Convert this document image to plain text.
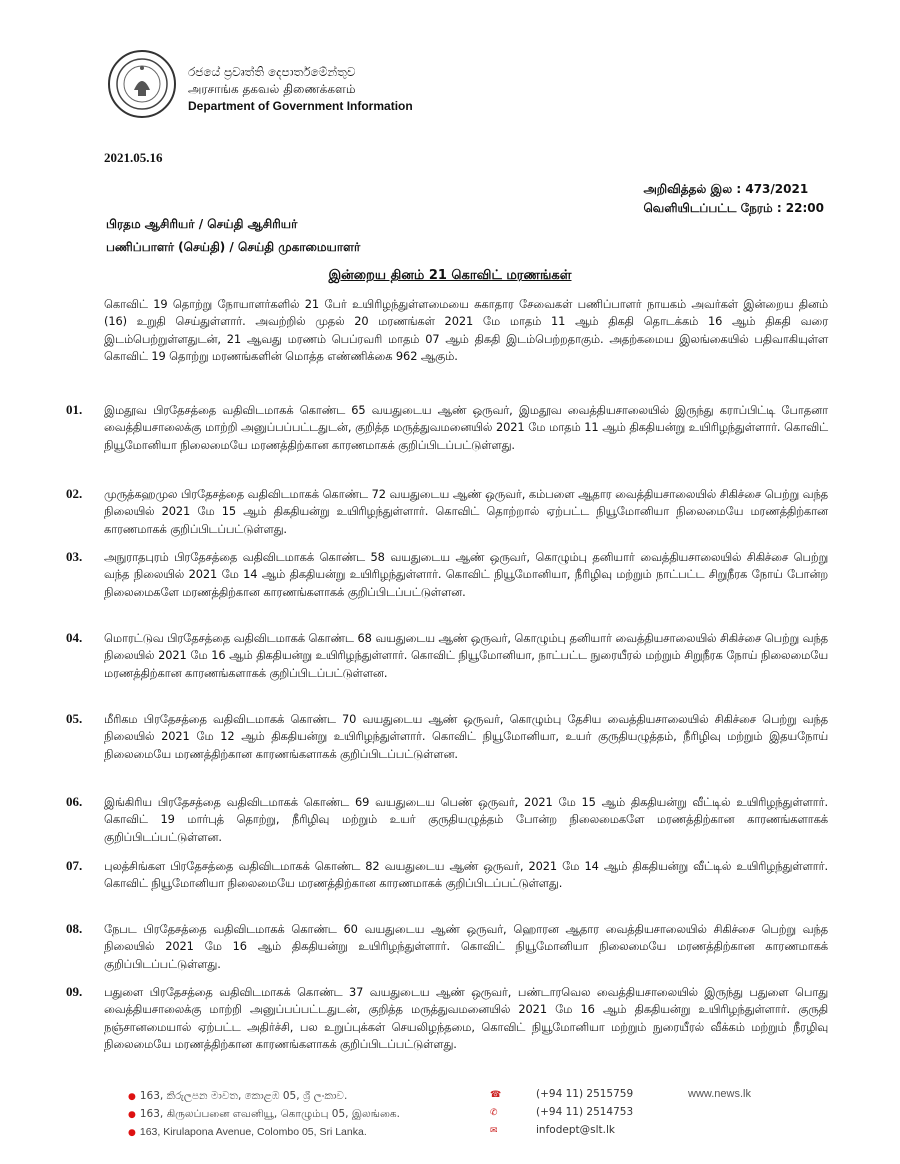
රජයේ ප්‍රවෘත්ති දෙපාර්තමේන්තුව
அரசாங்க தகவல் திணைக்களம்
Department of Government Information
2021.05.16
அறிவித்தல் இல : 473/2021
வெளியிடப்பட்ட நேரம் : 22:00
பிரதம ஆசிரியர் / செய்தி ஆசிரியர்
பணிப்பாளர் (செய்தி) / செய்தி முகாமையாளர்
இன்றைய தினம் 21 கொவிட் மரணங்கள்
கொவிட் 19 தொற்று நோயாளர்களில் 21 பேர் உயிரிழந்துள்ளமையை சுகாதார சேவைகள் பணிப்பாளர் நாயகம் அவர்கள் இன்றைய தினம் (16) உறுதி செய்துள்ளார். அவற்றில் முதல் 20 மரணங்கள் 2021 மே மாதம் 11 ஆம் திகதி தொடக்கம் 16 ஆம் திகதி வரை இடம்பெற்றுள்ளதுடன், 21 ஆவது மரணம் பெப்ரவரி மாதம் 07 ஆம் திகதி இடம்பெற்றதாகும். அதற்கமைய இலங்கையில் பதிவாகியுள்ள கொவிட் 19 தொற்று மரணங்களின் மொத்த எண்ணிக்கை 962 ஆகும்.
01. இமதூவ பிரதேசத்தை வதிவிடமாகக் கொண்ட 65 வயதுடைய ஆண் ஒருவர், இமதூவ வைத்தியசாலையில் இருந்து கராப்பிட்டி போதனா வைத்தியசாலைக்கு மாற்றி அனுப்பப்பட்டதுடன், குறித்த மருத்துவமனையில் 2021 மே மாதம் 11 ஆம் திகதியன்று உயிரிழந்துள்ளார். கொவிட் நியூமோனியா நிலைமையே மரணத்திற்கான காரணமாகக் குறிப்பிடப்பட்டுள்ளது.
02. முருத்கஹமுல பிரதேசத்தை வதிவிடமாகக் கொண்ட 72 வயதுடைய ஆண் ஒருவர், கம்பளை ஆதார வைத்தியசாலையில் சிகிச்சை பெற்று வந்த நிலையில் 2021 மே 15 ஆம் திகதியன்று உயிரிழந்துள்ளார். கொவிட் தொற்றால் ஏற்பட்ட நியூமோனியா நிலைமையே மரணத்திற்கான காரணமாகக் குறிப்பிடப்பட்டுள்ளது.
03. அநுராதபுரம் பிரதேசத்தை வதிவிடமாகக் கொண்ட 58 வயதுடைய ஆண் ஒருவர், கொழும்பு தனியார் வைத்தியசாலையில் சிகிச்சை பெற்று வந்த நிலையில் 2021 மே 14 ஆம் திகதியன்று உயிரிழந்துள்ளார். கொவிட் நியூமோனியா, நீரிழிவு மற்றும் நாட்பட்ட சிறுநீரக நோய் போன்ற நிலைமைகளே மரணத்திற்கான காரணங்களாகக் குறிப்பிடப்பட்டுள்ளன.
04. மொரட்டுவ பிரதேசத்தை வதிவிடமாகக் கொண்ட 68 வயதுடைய ஆண் ஒருவர், கொழும்பு தனியார் வைத்தியசாலையில் சிகிச்சை பெற்று வந்த நிலையில் 2021 மே 16 ஆம் திகதியன்று உயிரிழந்துள்ளார். கொவிட் நியூமோனியா, நாட்பட்ட நுரையீரல் மற்றும் சிறுநீரக நோய் நிலைமையே மரணத்திற்கான காரணங்களாகக் குறிப்பிடப்பட்டுள்ளன.
05. மீரிகம பிரதேசத்தை வதிவிடமாகக் கொண்ட 70 வயதுடைய ஆண் ஒருவர், கொழும்பு தேசிய வைத்தியசாலையில் சிகிச்சை பெற்று வந்த நிலையில் 2021 மே 12 ஆம் திகதியன்று உயிரிழந்துள்ளார். கொவிட் நியூமோனியா, உயர் குருதியழுத்தம், நீரிழிவு மற்றும் இதயநோய் நிலைமையே மரணத்திற்கான காரணங்களாகக் குறிப்பிடப்பட்டுள்ளன.
06. இங்கிரிய பிரதேசத்தை வதிவிடமாகக் கொண்ட 69 வயதுடைய பெண் ஒருவர், 2021 மே 15 ஆம் திகதியன்று வீட்டில் உயிரிழந்துள்ளார். கொவிட் 19 மார்புத் தொற்று, நீரிழிவு மற்றும் உயர் குருதியழுத்தம் போன்ற நிலைமைகளே மரணத்திற்கான காரணங்களாகக் குறிப்பிடப்பட்டுள்ளன.
07. புலத்சிங்கள பிரதேசத்தை வதிவிடமாகக் கொண்ட 82 வயதுடைய ஆண் ஒருவர், 2021 மே 14 ஆம் திகதியன்று வீட்டில் உயிரிழந்துள்ளார். கொவிட் நியூமோனியா நிலைமையே மரணத்திற்கான காரணமாகக் குறிப்பிடப்பட்டுள்ளது.
08. நேபட பிரதேசத்தை வதிவிடமாகக் கொண்ட 60 வயதுடைய ஆண் ஒருவர், ஹொரன ஆதார வைத்தியசாலையில் சிகிச்சை பெற்று வந்த நிலையில் 2021 மே 16 ஆம் திகதியன்று உயிரிழந்துள்ளார். கொவிட் நியூமோனியா நிலைமையே மரணத்திற்கான காரணமாகக் குறிப்பிடப்பட்டுள்ளது.
09. பதுளை பிரதேசத்தை வதிவிடமாகக் கொண்ட 37 வயதுடைய ஆண் ஒருவர், பண்டாரவெல வைத்தியசாலையில் இருந்து பதுளை பொது வைத்தியசாலைக்கு மாற்றி அனுப்பப்பட்டதுடன், குறித்த மருத்துவமனையில் 2021 மே 16 ஆம் திகதியன்று உயிரிழந்துள்ளார். குருதி நஞ்சானமையால் ஏற்பட்ட அதிர்ச்சி, பல உறுப்புக்கள் செயலிழந்தமை, கொவிட் நியூமோனியா மற்றும் நுரையீரல் வீக்கம் மற்றும் நீரழிவு நிலைமையே மரணத்திற்கான காரணங்களாகக் குறிப்பிடப்பட்டுள்ளது.
● 163, කිරුලපන මාවත, කොළඹ 05, ශ්‍රී ලංකාව.
● 163, கிருலப்பனை எவனியூ, கொழும்பு 05, இலங்கை.
● 163, Kirulapona Avenue, Colombo 05, Sri Lanka.
☎	(+94 11) 2515759
✆	(+94 11) 2514753
✉	infodept@slt.lk
www.news.lk
